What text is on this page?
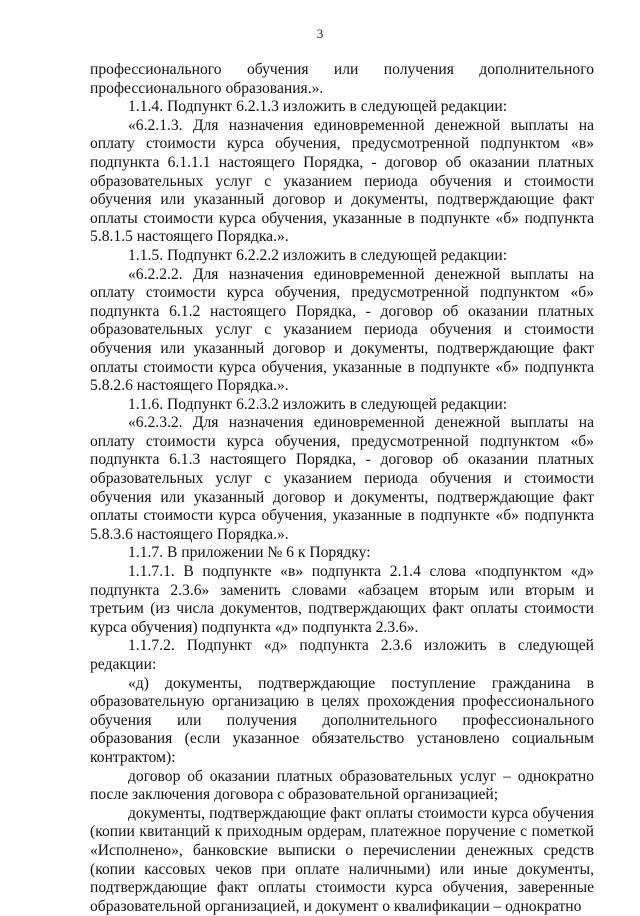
3

профессионального обучения или получения дополнительного профессионального образования.».

1.1.4. Подпункт 6.2.1.3 изложить в следующей редакции:

«6.2.1.3. Для назначения единовременной денежной выплаты на оплату стоимости курса обучения, предусмотренной подпунктом «в» подпункта 6.1.1.1 настоящего Порядка, - договор об оказании платных образовательных услуг с указанием периода обучения и стоимости обучения или указанный договор и документы, подтверждающие факт оплаты стоимости курса обучения, указанные в подпункте «б» подпункта 5.8.1.5 настоящего Порядка.».

1.1.5. Подпункт 6.2.2.2 изложить в следующей редакции:

«6.2.2.2. Для назначения единовременной денежной выплаты на оплату стоимости курса обучения, предусмотренной подпунктом «б» подпункта 6.1.2 настоящего Порядка, - договор об оказании платных образовательных услуг с указанием периода обучения и стоимости обучения или указанный договор и документы, подтверждающие факт оплаты стоимости курса обучения, указанные в подпункте «б» подпункта 5.8.2.6 настоящего Порядка.».

1.1.6. Подпункт 6.2.3.2 изложить в следующей редакции:

«6.2.3.2. Для назначения единовременной денежной выплаты на оплату стоимости курса обучения, предусмотренной подпунктом «б» подпункта 6.1.3 настоящего Порядка, - договор об оказании платных образовательных услуг с указанием периода обучения и стоимости обучения или указанный договор и документы, подтверждающие факт оплаты стоимости курса обучения, указанные в подпункте «б» подпункта 5.8.3.6 настоящего Порядка.».

1.1.7. В приложении № 6 к Порядку:

1.1.7.1. В подпункте «в» подпункта 2.1.4 слова «подпунктом «д» подпункта 2.3.6» заменить словами «абзацем вторым или вторым и третьим (из числа документов, подтверждающих факт оплаты стоимости курса обучения) подпункта «д» подпункта 2.3.6».

1.1.7.2. Подпункт «д» подпункта 2.3.6 изложить в следующей редакции:

«д) документы, подтверждающие поступление гражданина в образовательную организацию в целях прохождения профессионального обучения или получения дополнительного профессионального образования (если указанное обязательство установлено социальным контрактом):

договор об оказании платных образовательных услуг – однократно после заключения договора с образовательной организацией;

документы, подтверждающие факт оплаты стоимости курса обучения (копии квитанций к приходным ордерам, платежное поручение с пометкой «Исполнено», банковские выписки о перечислении денежных средств (копии кассовых чеков при оплате наличными) или иные документы, подтверждающие факт оплаты стоимости курса обучения, заверенные образовательной организацией, и документ о квалификации – однократно
